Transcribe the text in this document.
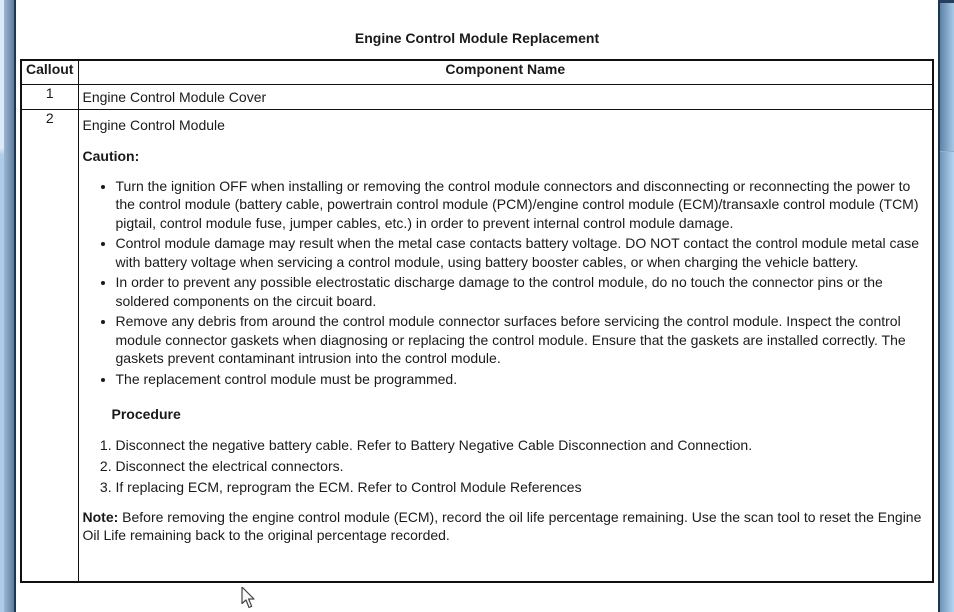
Engine Control Module Replacement
Callout	Component Name
1	Engine Control Module Cover
2	Engine Control Module
Caution:
• Turn the ignition OFF when installing or removing the control module connectors and disconnecting or reconnecting the power to the control module (battery cable, powertrain control module (PCM)/engine control module (ECM)/transaxle control module (TCM) pigtail, control module fuse, jumper cables, etc.) in order to prevent internal control module damage.
• Control module damage may result when the metal case contacts battery voltage. DO NOT contact the control module metal case with battery voltage when servicing a control module, using battery booster cables, or when charging the vehicle battery.
• In order to prevent any possible electrostatic discharge damage to the control module, do no touch the connector pins or the soldered components on the circuit board.
• Remove any debris from around the control module connector surfaces before servicing the control module. Inspect the control module connector gaskets when diagnosing or replacing the control module. Ensure that the gaskets are installed correctly. The gaskets prevent contaminant intrusion into the control module.
• The replacement control module must be programmed.
Procedure
1. Disconnect the negative battery cable. Refer to Battery Negative Cable Disconnection and Connection.
2. Disconnect the electrical connectors.
3. If replacing ECM, reprogram the ECM. Refer to Control Module References
Note: Before removing the engine control module (ECM), record the oil life percentage remaining. Use the scan tool to reset the Engine Oil Life remaining back to the original percentage recorded.
